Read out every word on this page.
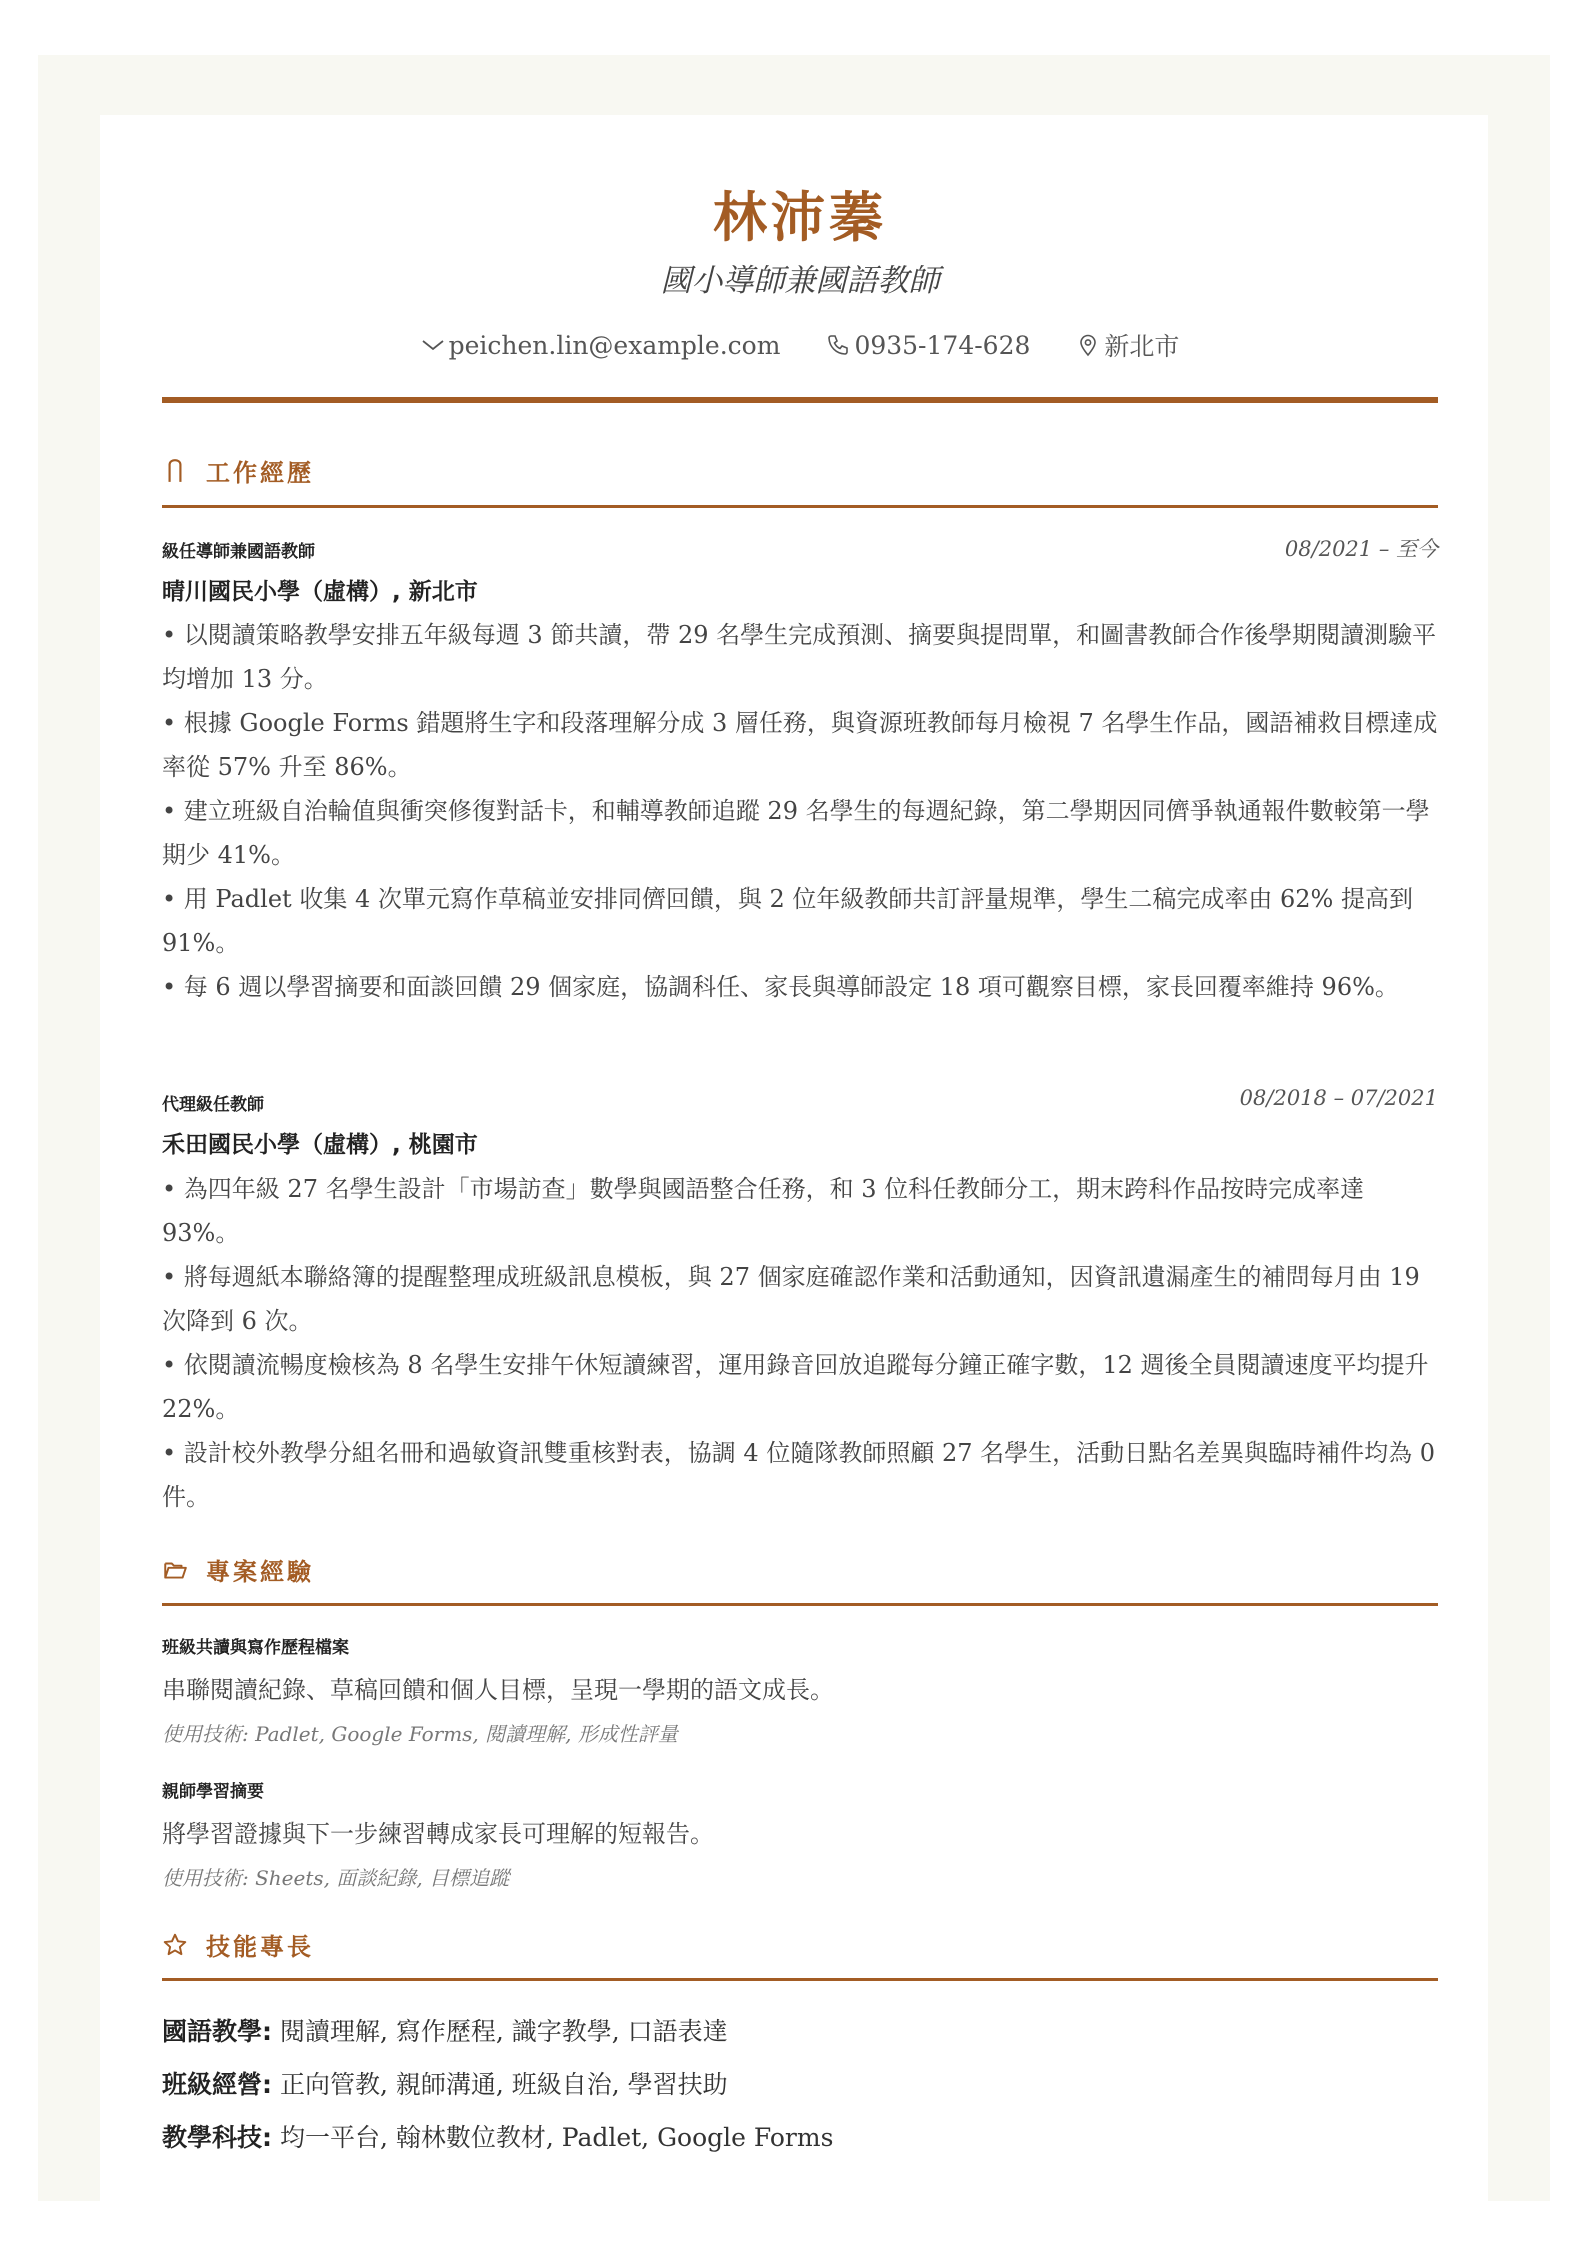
林沛蓁
國小導師兼國語教師
peichen.lin@example.com	0935-174-628	新北市
工作經歷
級任導師兼國語教師	08/2021 – 至今
晴川國民小學（虛構）, 新北市
• 以閱讀策略教學安排五年級每週 3 節共讀，帶 29 名學生完成預測、摘要與提問單，和圖書教師合作後學期閱讀測驗平均增加 13 分。
• 根據 Google Forms 錯題將生字和段落理解分成 3 層任務，與資源班教師每月檢視 7 名學生作品，國語補救目標達成率從 57% 升至 86%。
• 建立班級自治輪值與衝突修復對話卡，和輔導教師追蹤 29 名學生的每週紀錄，第二學期因同儕爭執通報件數較第一學期少 41%。
• 用 Padlet 收集 4 次單元寫作草稿並安排同儕回饋，與 2 位年級教師共訂評量規準，學生二稿完成率由 62% 提高到 91%。
• 每 6 週以學習摘要和面談回饋 29 個家庭，協調科任、家長與導師設定 18 項可觀察目標，家長回覆率維持 96%。
代理級任教師	08/2018 – 07/2021
禾田國民小學（虛構）, 桃園市
• 為四年級 27 名學生設計「市場訪查」數學與國語整合任務，和 3 位科任教師分工，期末跨科作品按時完成率達 93%。
• 將每週紙本聯絡簿的提醒整理成班級訊息模板，與 27 個家庭確認作業和活動通知，因資訊遺漏產生的補問每月由 19 次降到 6 次。
• 依閱讀流暢度檢核為 8 名學生安排午休短讀練習，運用錄音回放追蹤每分鐘正確字數，12 週後全員閱讀速度平均提升 22%。
• 設計校外教學分組名冊和過敏資訊雙重核對表，協調 4 位隨隊教師照顧 27 名學生，活動日點名差異與臨時補件均為 0 件。
專案經驗
班級共讀與寫作歷程檔案
串聯閱讀紀錄、草稿回饋和個人目標，呈現一學期的語文成長。
使用技術: Padlet, Google Forms, 閱讀理解, 形成性評量
親師學習摘要
將學習證據與下一步練習轉成家長可理解的短報告。
使用技術: Sheets, 面談紀錄, 目標追蹤
技能專長
國語教學: 閱讀理解, 寫作歷程, 識字教學, 口語表達
班級經營: 正向管教, 親師溝通, 班級自治, 學習扶助
教學科技: 均一平台, 翰林數位教材, Padlet, Google Forms
